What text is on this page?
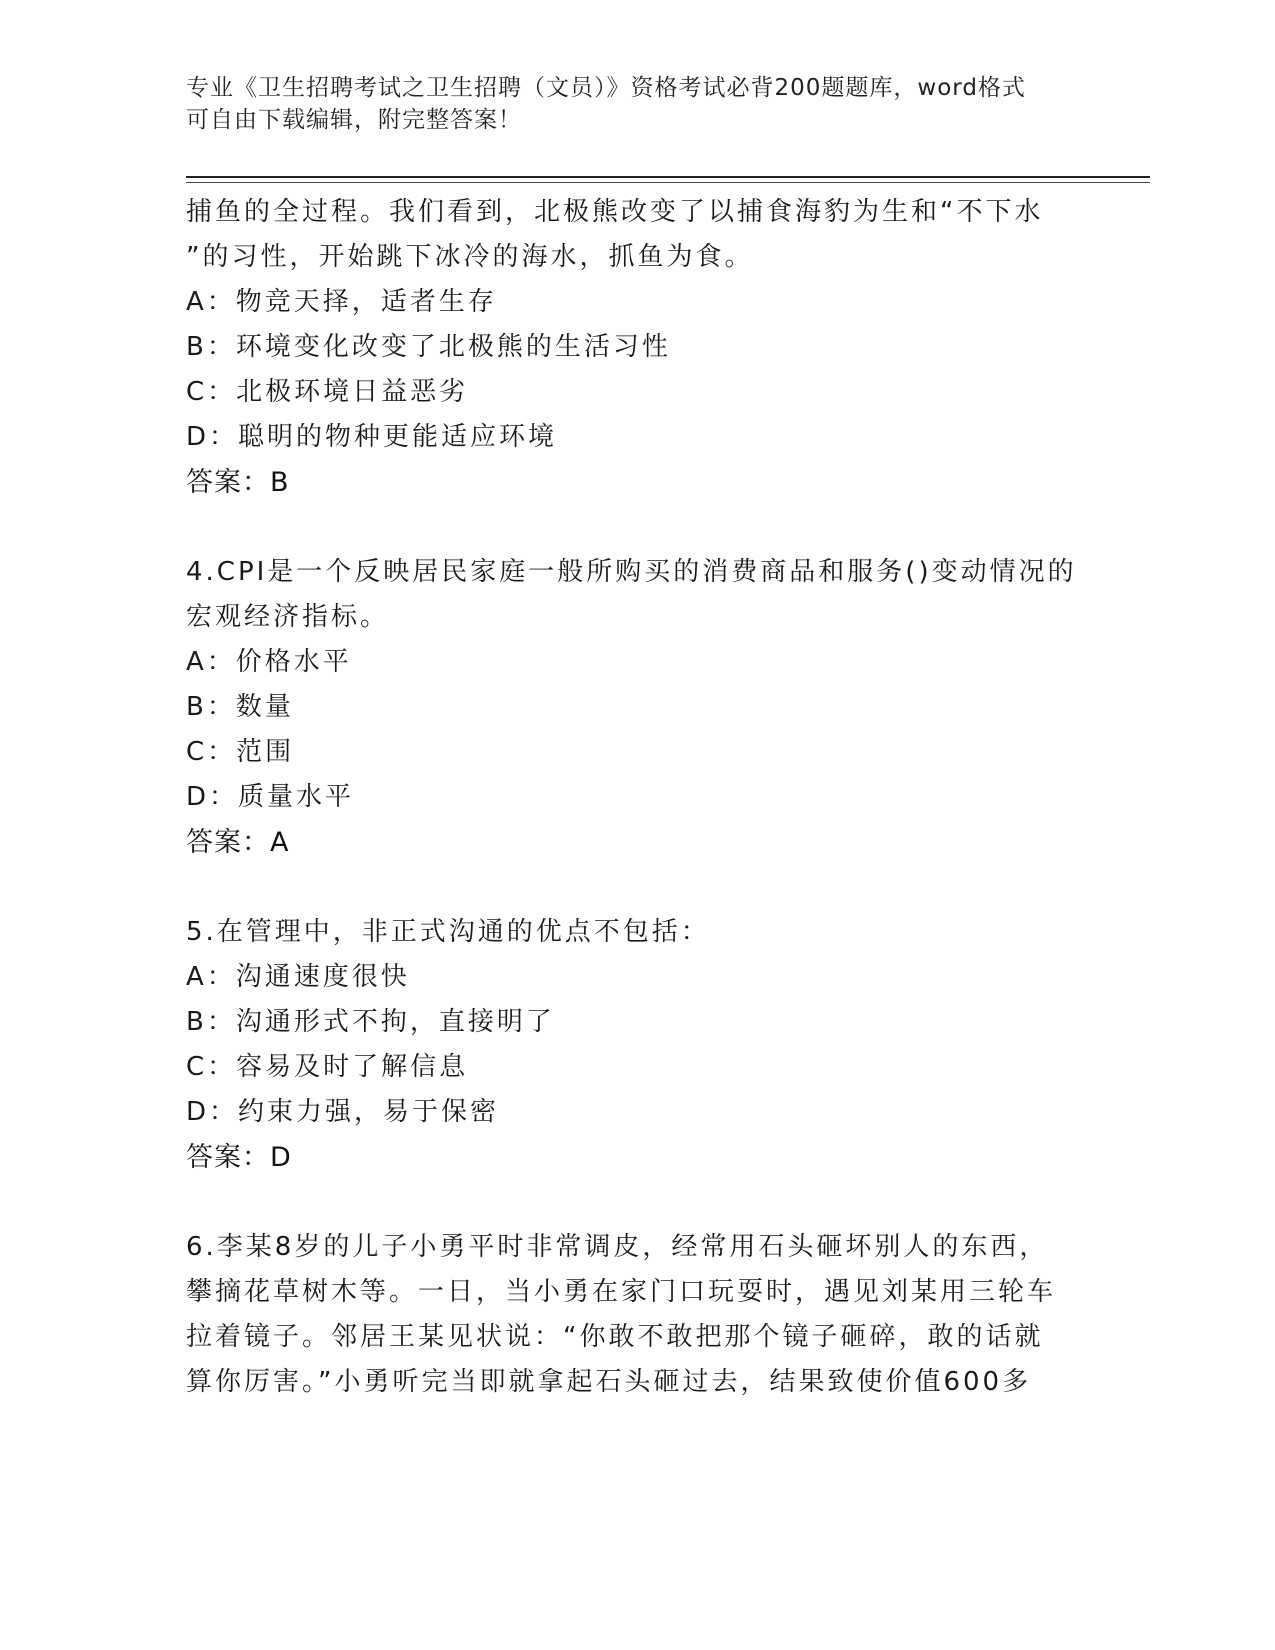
专业《卫生招聘考试之卫生招聘（文员）》资格考试必背200题题库，word格式
可自由下载编辑，附完整答案！
捕鱼的全过程。我们看到，北极熊改变了以捕食海豹为生和“不下水
”的习性，开始跳下冰冷的海水，抓鱼为食。
A：物竞天择，适者生存
B：环境变化改变了北极熊的生活习性
C：北极环境日益恶劣
D：聪明的物种更能适应环境
答案：B
4.CPI是一个反映居民家庭一般所购买的消费商品和服务()变动情况的
宏观经济指标。
A：价格水平
B：数量
C：范围
D：质量水平
答案：A
5.在管理中，非正式沟通的优点不包括：
A：沟通速度很快
B：沟通形式不拘，直接明了
C：容易及时了解信息
D：约束力强，易于保密
答案：D
6.李某8岁的儿子小勇平时非常调皮，经常用石头砸坏别人的东西，
攀摘花草树木等。一日，当小勇在家门口玩耍时，遇见刘某用三轮车
拉着镜子。邻居王某见状说：“你敢不敢把那个镜子砸碎，敢的话就
算你厉害。”小勇听完当即就拿起石头砸过去，结果致使价值600多
